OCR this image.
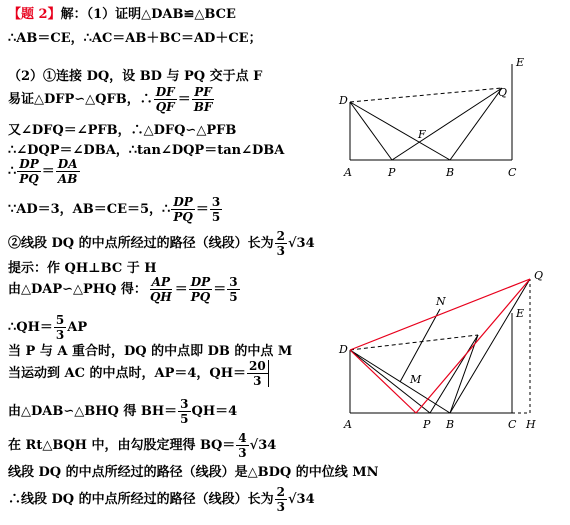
【 题 2 】 解：（1）证明△DAB≌△BCE
∴AB＝CE，∴AC＝AB＋BC＝AD＋CE；
（2）①连接 DQ，设 BD 与 PQ 交于点 F
易证△DFP∽△QFB，∴ $\frac{DF}{QF} = \frac{PF}{BF}$
又∠DFQ＝∠PFB，∴△DFQ∽△PFB
∴∠DQP＝∠DBA，∴tan∠DQP＝tan∠DBA
∴ $\frac{DP}{PQ} = \frac{DA}{AB}$
∵AD＝3，AB＝CE＝5，∴ $\frac{DP}{PQ} = \frac{3}{5}$
②线段 DQ 的中点所经过的路径（线段）长为 $\frac{2}{3} √34$
提示：作 QH⊥BC 于 H
由△DAP∽△PHQ 得： $\frac{AP}{QH} = \frac{DP}{PQ} = \frac{3}{5}$
∴QH＝ $\frac{5}{3}$ AP
当 P 与 A 重合时，DQ 的中点即 DB 的中点 M
当运动到 AC 的中点时，AP＝4，$QH= \frac{20}{3}$
由△DAB∽△BHQ 得 $BH= \frac{3}{5} QH=4$
在 Rt△BQH 中，由勾股定理得 $BQ= \frac{4}{3} √34$
线段 DQ 的中点所经过的路径（线段）是△BDQ 的中位线 MN
∴线段 DQ 的中点所经过的路径（线段）长为 $\frac{2}{3} √34$
E
D
Q
F
A	P	B	C
Q
N
E
D
M
A	P B	C H
